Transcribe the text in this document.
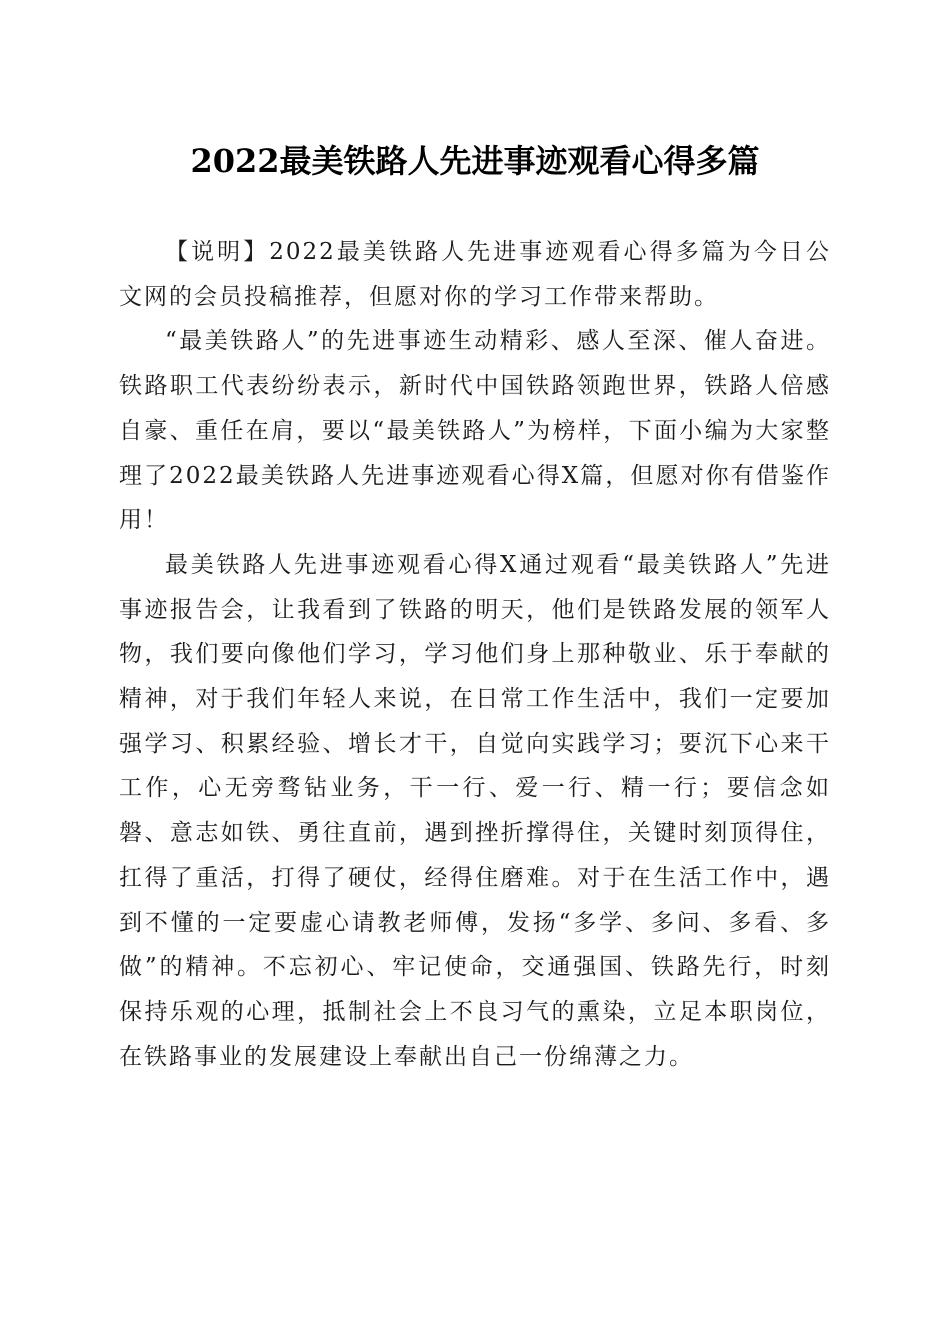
2022最美铁路人先进事迹观看心得多篇

【说明】2022最美铁路人先进事迹观看心得多篇为今日公文网的会员投稿推荐，但愿对你的学习工作带来帮助。

“最美铁路人”的先进事迹生动精彩、感人至深、催人奋进。铁路职工代表纷纷表示，新时代中国铁路领跑世界，铁路人倍感自豪、重任在肩，要以“最美铁路人”为榜样，下面小编为大家整理了2022最美铁路人先进事迹观看心得X篇，但愿对你有借鉴作用！

最美铁路人先进事迹观看心得X通过观看“最美铁路人”先进事迹报告会，让我看到了铁路的明天，他们是铁路发展的领军人物，我们要向像他们学习，学习他们身上那种敬业、乐于奉献的精神，对于我们年轻人来说，在日常工作生活中，我们一定要加强学习、积累经验、增长才干，自觉向实践学习；要沉下心来干工作，心无旁骛钻业务，干一行、爱一行、精一行；要信念如磐、意志如铁、勇往直前，遇到挫折撑得住，关键时刻顶得住，扛得了重活，打得了硬仗，经得住磨难。对于在生活工作中，遇到不懂的一定要虚心请教老师傅，发扬“多学、多问、多看、多做”的精神。不忘初心、牢记使命，交通强国、铁路先行，时刻保持乐观的心理，抵制社会上不良习气的熏染，立足本职岗位，在铁路事业的发展建设上奉献出自己一份绵薄之力。
